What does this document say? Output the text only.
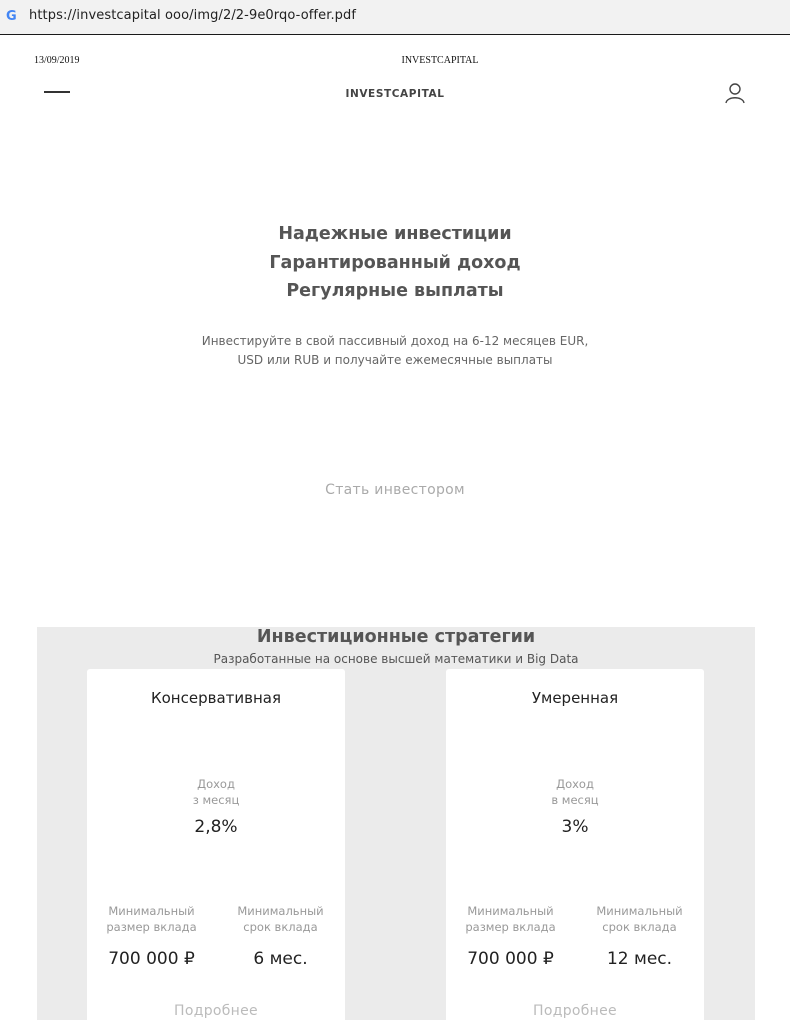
G https://investcapital ooo/img/2/2-9e0rqo-offer.pdf
13/09/2019	INVESTCAPITAL
INVESTCAPITAL
Надежные инвестиции
Гарантированный доход
Регулярные выплаты
Инвестируйте в свой пассивный доход на 6-12 месяцев EUR,
USD или RUB и получайте ежемесячные выплаты
Стать инвестором
Инвестиционные стратегии
Разработанные на основе высшей математики и Big Data
Консервативная
Доход
з месяц
2,8%
Минимальный
размер вклада
700 000 ₽
Минимальный
срок вклада
6 мес.
Подробнее
Умеренная
Доход
в месяц
3%
Минимальный
размер вклада
700 000 ₽
Минимальный
срок вклада
12 мес.
Подробнее
